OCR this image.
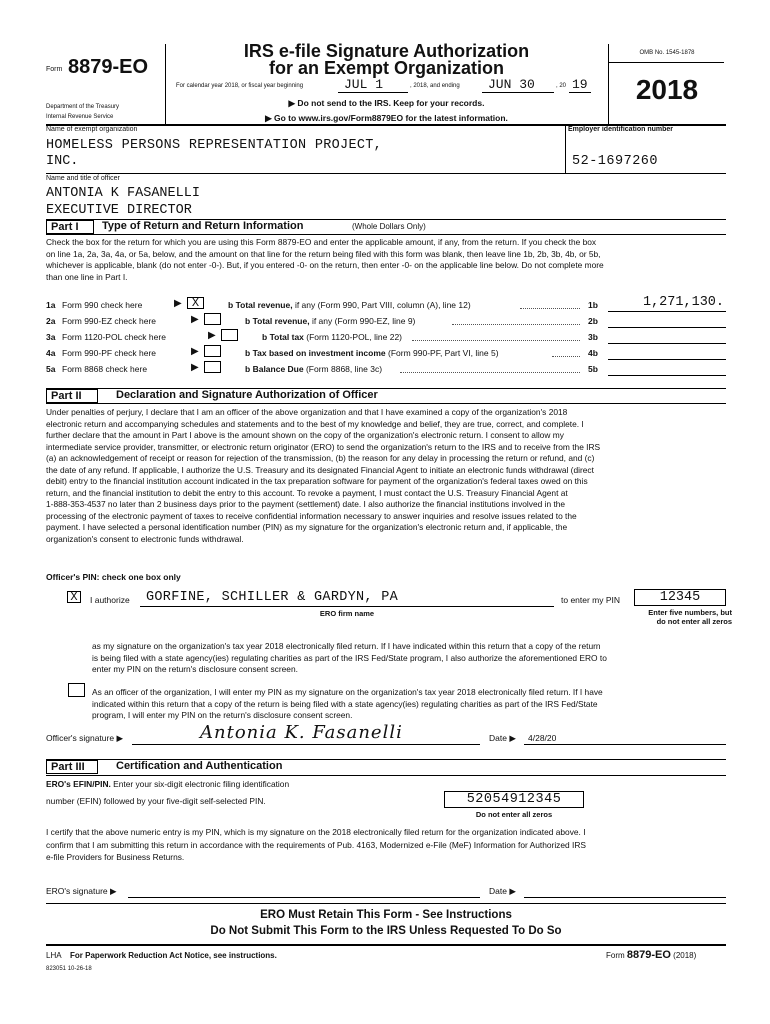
Form 8879-EO
Department of the Treasury
Internal Revenue Service
IRS e-file Signature Authorization
for an Exempt Organization
For calendar year 2018, or fiscal year beginning	JUL 1	, 2018, and ending JUN 30	, 20 19
▶ Do not send to the IRS. Keep for your records.
▶ Go to www.irs.gov/Form8879EO for the latest information.
OMB No. 1545-1878
2018
Name of exempt organization
HOMELESS PERSONS REPRESENTATION PROJECT,
INC.
Employer identification number
52-1697260
Name and title of officer
ANTONIA K FASANELLI
EXECUTIVE DIRECTOR
Part I	Type of Return and Return Information	(Whole Dollars Only)
Check the box for the return for which you are using this Form 8879-EO and enter the applicable amount, if any, from the return. If you check the box
on line 1a, 2a, 3a, 4a, or 5a, below, and the amount on that line for the return being filed with this form was blank, then leave line 1b, 2b, 3b, 4b, or 5b,
whichever is applicable, blank (do not enter -0-). But, if you entered -0- on the return, then enter -0- on the applicable line below. Do not complete more
than one line in Part I.
1a Form 990 check here	▶ X	b Total revenue, if any (Form 990, Part VIII, column (A), line 12)	1b	1,271,130.
2a Form 990-EZ check here	▶	b Total revenue, if any (Form 990-EZ, line 9)	2b
3a Form 1120-POL check here	▶	b Total tax (Form 1120-POL, line 22)	3b
4a Form 990-PF check here	▶	b Tax based on investment income (Form 990-PF, Part VI, line 5)	4b
5a Form 8868 check here	▶	b Balance Due (Form 8868, line 3c)	5b
Part II	Declaration and Signature Authorization of Officer
Under penalties of perjury, I declare that I am an officer of the above organization and that I have examined a copy of the organization's 2018
electronic return and accompanying schedules and statements and to the best of my knowledge and belief, they are true, correct, and complete. I
further declare that the amount in Part I above is the amount shown on the copy of the organization's electronic return. I consent to allow my
intermediate service provider, transmitter, or electronic return originator (ERO) to send the organization's return to the IRS and to receive from the IRS
(a) an acknowledgement of receipt or reason for rejection of the transmission, (b) the reason for any delay in processing the return or refund, and (c)
the date of any refund. If applicable, I authorize the U.S. Treasury and its designated Financial Agent to initiate an electronic funds withdrawal (direct
debit) entry to the financial institution account indicated in the tax preparation software for payment of the organization's federal taxes owed on this
return, and the financial institution to debit the entry to this account. To revoke a payment, I must contact the U.S. Treasury Financial Agent at
1-888-353-4537 no later than 2 business days prior to the payment (settlement) date. I also authorize the financial institutions involved in the
processing of the electronic payment of taxes to receive confidential information necessary to answer inquiries and resolve issues related to the
payment. I have selected a personal identification number (PIN) as my signature for the organization's electronic return and, if applicable, the
organization's consent to electronic funds withdrawal.
Officer's PIN: check one box only
X	I authorize GORFINE, SCHILLER & GARDYN, PA
ERO firm name
to enter my PIN	12345
Enter five numbers, but
do not enter all zeros
as my signature on the organization's tax year 2018 electronically filed return. If I have indicated within this return that a copy of the return
is being filed with a state agency(ies) regulating charities as part of the IRS Fed/State program, I also authorize the aforementioned ERO to
enter my PIN on the return's disclosure consent screen.
As an officer of the organization, I will enter my PIN as my signature on the organization's tax year 2018 electronically filed return. If I have
indicated within this return that a copy of the return is being filed with a state agency(ies) regulating charities as part of the IRS Fed/State
program, I will enter my PIN on the return's disclosure consent screen.
Officer's signature ▶	Antonia K. Fasanelli	Date ▶ 4/28/20
Part III	Certification and Authentication
ERO's EFIN/PIN. Enter your six-digit electronic filing identification
number (EFIN) followed by your five-digit self-selected PIN.	52054912345
Do not enter all zeros
I certify that the above numeric entry is my PIN, which is my signature on the 2018 electronically filed return for the organization indicated above. I
confirm that I am submitting this return in accordance with the requirements of Pub. 4163, Modernized e-File (MeF) Information for Authorized IRS
e-file Providers for Business Returns.
ERO's signature ▶	Date ▶
ERO Must Retain This Form - See Instructions
Do Not Submit This Form to the IRS Unless Requested To Do So
LHA For Paperwork Reduction Act Notice, see instructions.
823051 10-26-18
Form 8879-EO (2018)
